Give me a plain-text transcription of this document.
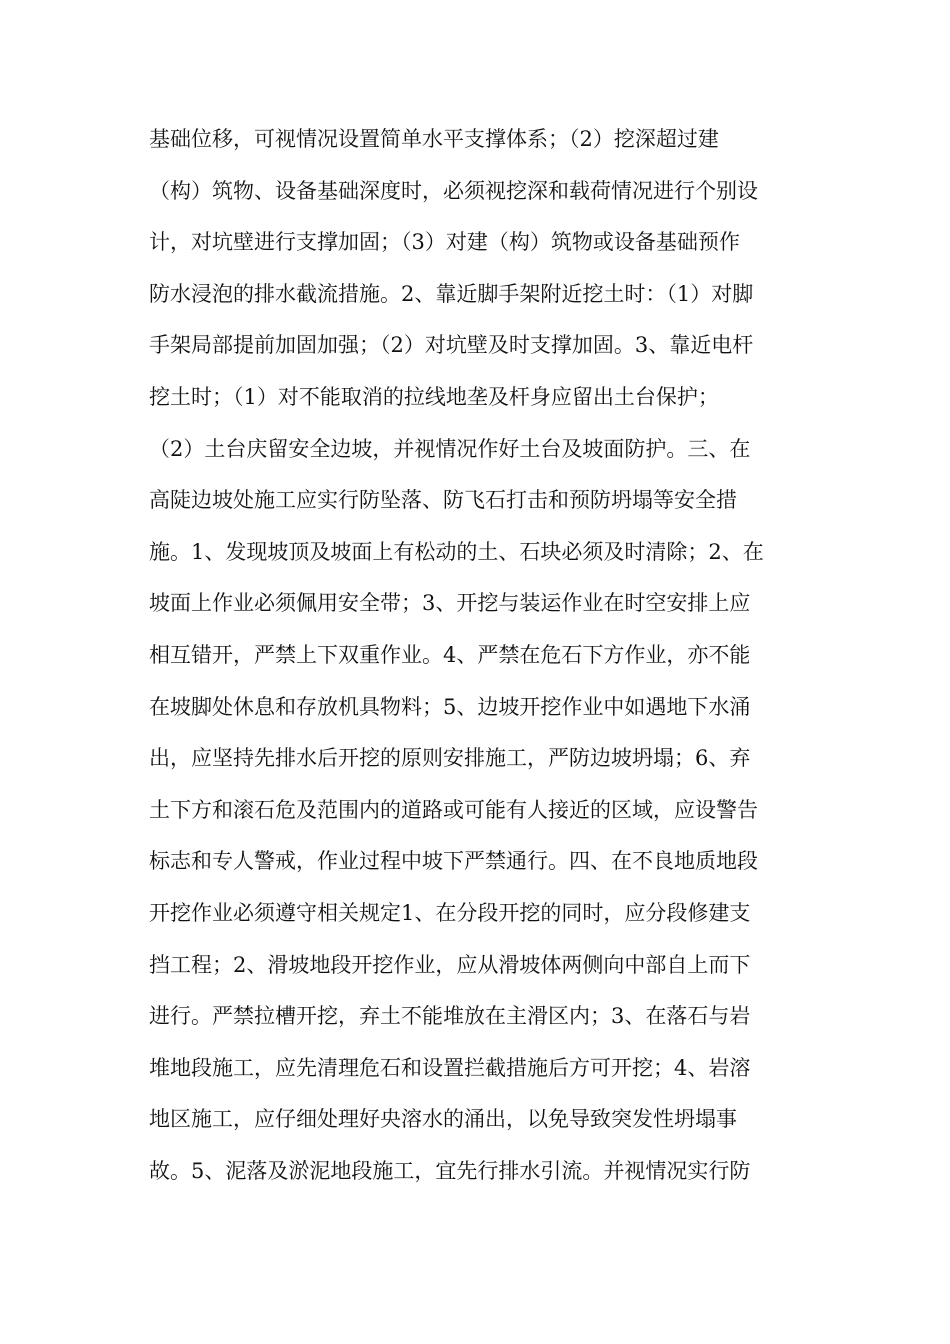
基础位移，可视情况设置简单水平支撑体系；（2）挖深超过建
（构）筑物、设备基础深度时，必须视挖深和载荷情况进行个别设
计，对坑壁进行支撑加固；（3）对建（构）筑物或设备基础预作
防水浸泡的排水截流措施。2、靠近脚手架附近挖土时：（1）对脚
手架局部提前加固加强；（2）对坑壁及时支撑加固。3、靠近电杆
挖土时；（1）对不能取消的拉线地垄及杆身应留出土台保护；
（2）土台庆留安全边坡，并视情况作好土台及坡面防护。三、在
高陡边坡处施工应实行防坠落、防飞石打击和预防坍塌等安全措
施。1、发现坡顶及坡面上有松动的土、石块必须及时清除；2、在
坡面上作业必须佩用安全带；3、开挖与装运作业在时空安排上应
相互错开，严禁上下双重作业。4、严禁在危石下方作业，亦不能
在坡脚处休息和存放机具物料；5、边坡开挖作业中如遇地下水涌
出，应坚持先排水后开挖的原则安排施工，严防边坡坍塌；6、弃
土下方和滚石危及范围内的道路或可能有人接近的区域，应设警告
标志和专人警戒，作业过程中坡下严禁通行。四、在不良地质地段
开挖作业必须遵守相关规定1、在分段开挖的同时，应分段修建支
挡工程；2、滑坡地段开挖作业，应从滑坡体两侧向中部自上而下
进行。严禁拉槽开挖，弃土不能堆放在主滑区内；3、在落石与岩
堆地段施工，应先清理危石和设置拦截措施后方可开挖；4、岩溶
地区施工，应仔细处理好央溶水的涌出，以免导致突发性坍塌事
故。5、泥落及淤泥地段施工，宜先行排水引流。并视情况实行防
